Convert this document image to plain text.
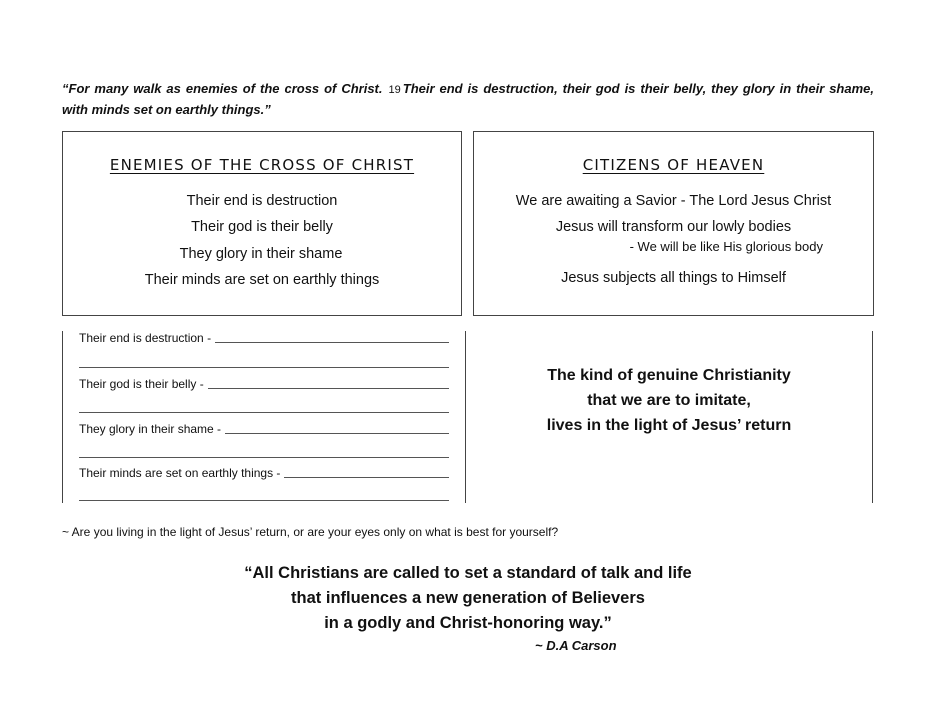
“For many walk as enemies of the cross of Christ. 19 Their end is destruction, their god is their belly, they glory in their shame, with minds set on earthly things.”
ENEMIES OF THE CROSS OF CHRIST
Their end is destruction
Their god is their belly
They glory in their shame
Their minds are set on earthly things
CITIZENS OF HEAVEN
We are awaiting a Savior - The Lord Jesus Christ
Jesus will transform our lowly bodies
- We will be like His glorious body
Jesus subjects all things to Himself
Their end is destruction -
Their god is their belly -
They glory in their shame -
Their minds are set on earthly things -
The kind of genuine Christianity
that we are to imitate,
lives in the light of Jesus’ return
~ Are you living in the light of Jesus’ return, or are your eyes only on what is best for yourself?
“All Christians are called to set a standard of talk and life
that influences a new generation of Believers
in a godly and Christ-honoring way.”
~ D.A Carson
